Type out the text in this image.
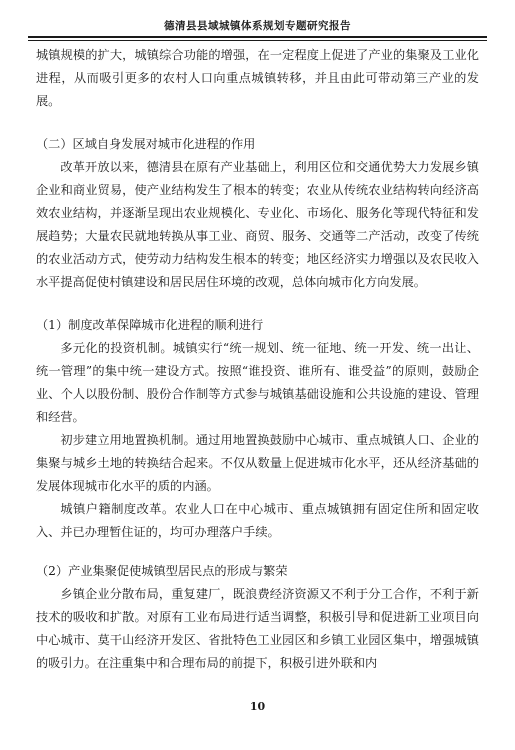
德清县县域城镇体系规划专题研究报告

城镇规模的扩大，城镇综合功能的增强，在一定程度上促进了产业的集聚及工业化进程，从而吸引更多的农村人口向重点城镇转移，并且由此可带动第三产业的发展。

（二）区域自身发展对城市化进程的作用

改革开放以来，德清县在原有产业基础上，利用区位和交通优势大力发展乡镇企业和商业贸易，使产业结构发生了根本的转变；农业从传统农业结构转向经济高效农业结构，并逐渐呈现出农业规模化、专业化、市场化、服务化等现代特征和发展趋势；大量农民就地转换从事工业、商贸、服务、交通等二产活动，改变了传统的农业活动方式，使劳动力结构发生根本的转变；地区经济实力增强以及农民收入水平提高促使村镇建设和居民居住环境的改观，总体向城市化方向发展。

（1）制度改革保障城市化进程的顺利进行

多元化的投资机制。城镇实行“统一规划、统一征地、统一开发、统一出让、统一管理”的集中统一建设方式。按照“谁投资、谁所有、谁受益”的原则，鼓励企业、个人以股份制、股份合作制等方式参与城镇基础设施和公共设施的建设、管理和经营。

初步建立用地置换机制。通过用地置换鼓励中心城市、重点城镇人口、企业的集聚与城乡土地的转换结合起来。不仅从数量上促进城市化水平，还从经济基础的发展体现城市化水平的质的内涵。

城镇户籍制度改革。农业人口在中心城市、重点城镇拥有固定住所和固定收入、并已办理暂住证的，均可办理落户手续。

（2）产业集聚促使城镇型居民点的形成与繁荣

乡镇企业分散布局，重复建厂，既浪费经济资源又不利于分工合作，不利于新技术的吸收和扩散。对原有工业布局进行适当调整，积极引导和促进新工业项目向中心城市、莫干山经济开发区、省批特色工业园区和乡镇工业园区集中，增强城镇的吸引力。在注重集中和合理布局的前提下，积极引进外联和内

10
